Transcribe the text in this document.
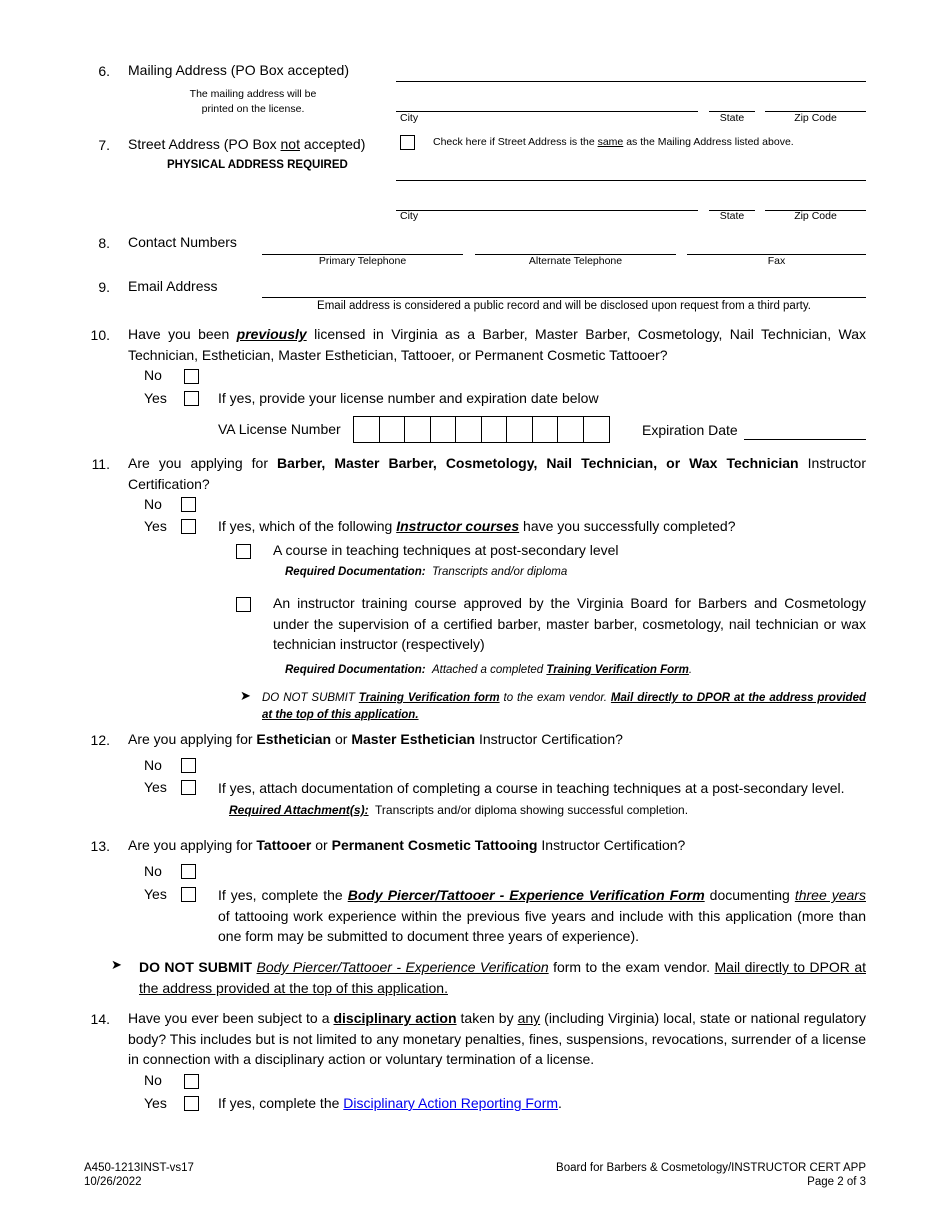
6. Mailing Address (PO Box accepted)
The mailing address will be
printed on the license.
City	State	Zip Code
7. Street Address (PO Box not accepted)
PHYSICAL ADDRESS REQUIRED
Check here if Street Address is the same as the Mailing Address listed above.
City	State	Zip Code
8. Contact Numbers
Primary Telephone	Alternate Telephone	Fax
9. Email Address
Email address is considered a public record and will be disclosed upon request from a third party.
10. Have you been previously licensed in Virginia as a Barber, Master Barber, Cosmetology, Nail Technician, Wax Technician, Esthetician, Master Esthetician, Tattooer, or Permanent Cosmetic Tattooer?
No
Yes	If yes, provide your license number and expiration date below
VA License Number	Expiration Date
11. Are you applying for Barber, Master Barber, Cosmetology, Nail Technician, or Wax Technician Instructor Certification?
No
Yes	If yes, which of the following Instructor courses have you successfully completed?
A course in teaching techniques at post-secondary level
Required Documentation: Transcripts and/or diploma
An instructor training course approved by the Virginia Board for Barbers and Cosmetology under the supervision of a certified barber, master barber, cosmetology, nail technician or wax technician instructor (respectively)
Required Documentation: Attached a completed Training Verification Form.
➤ DO NOT SUBMIT Training Verification form to the exam vendor. Mail directly to DPOR at the address provided at the top of this application.
12. Are you applying for Esthetician or Master Esthetician Instructor Certification?
No
Yes	If yes, attach documentation of completing a course in teaching techniques at a post-secondary level.
Required Attachment(s): Transcripts and/or diploma showing successful completion.
13. Are you applying for Tattooer or Permanent Cosmetic Tattooing Instructor Certification?
No
Yes	If yes, complete the Body Piercer/Tattooer - Experience Verification Form documenting three years of tattooing work experience within the previous five years and include with this application (more than one form may be submitted to document three years of experience).
➤ DO NOT SUBMIT Body Piercer/Tattooer - Experience Verification form to the exam vendor. Mail directly to DPOR at the address provided at the top of this application.
14. Have you ever been subject to a disciplinary action taken by any (including Virginia) local, state or national regulatory body? This includes but is not limited to any monetary penalties, fines, suspensions, revocations, surrender of a license in connection with a disciplinary action or voluntary termination of a license.
No
Yes	If yes, complete the Disciplinary Action Reporting Form.
A450-1213INST-vs17
10/26/2022
Board for Barbers & Cosmetology/INSTRUCTOR CERT APP
Page 2 of 3
